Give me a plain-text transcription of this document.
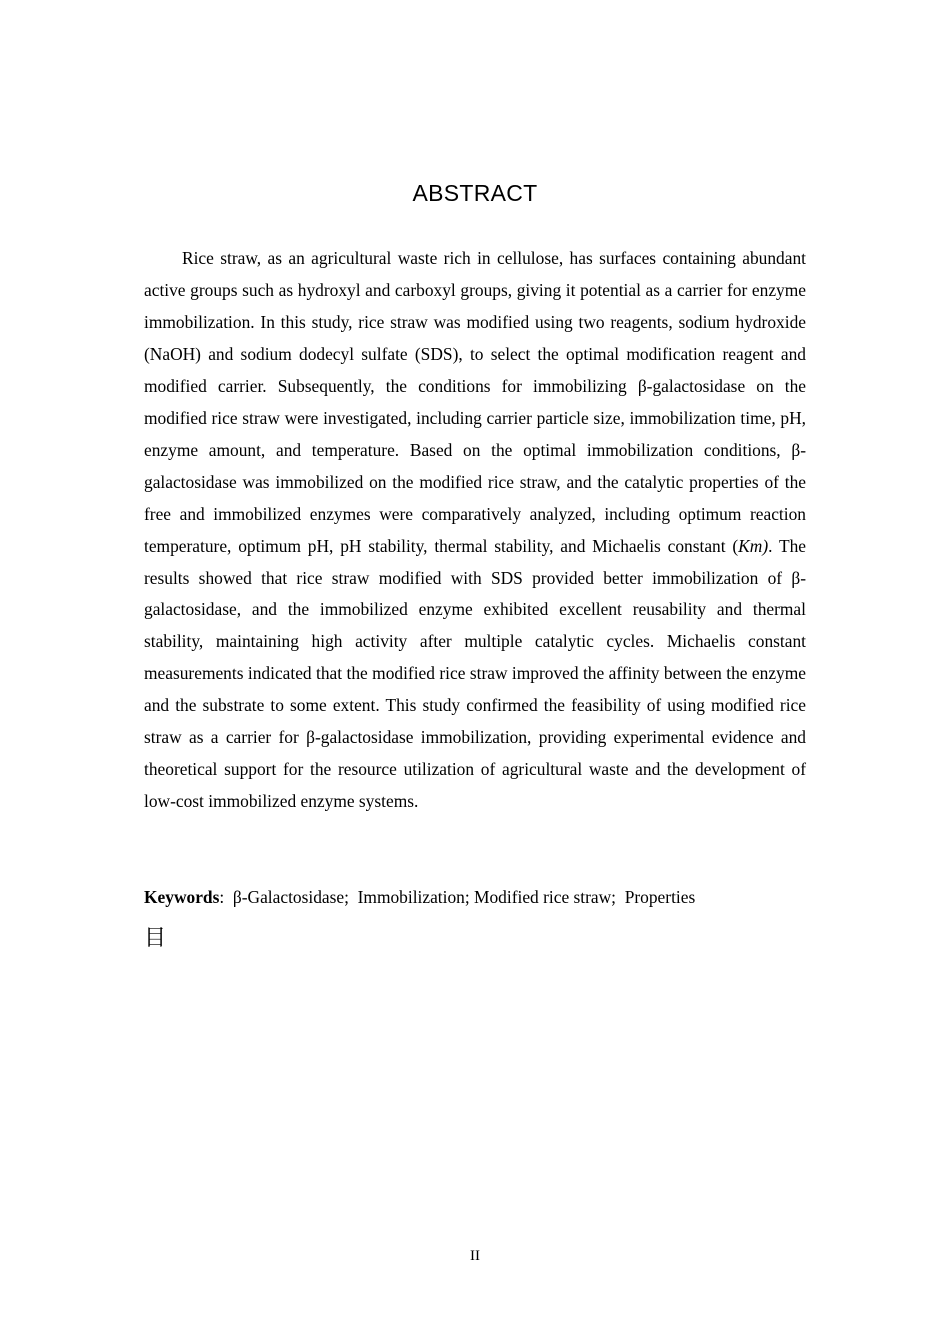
ABSTRACT

Rice straw, as an agricultural waste rich in cellulose, has surfaces containing abundant active groups such as hydroxyl and carboxyl groups, giving it potential as a carrier for enzyme immobilization. In this study, rice straw was modified using two reagents, sodium hydroxide (NaOH) and sodium dodecyl sulfate (SDS), to select the optimal modification reagent and modified carrier. Subsequently, the conditions for immobilizing β-galactosidase on the modified rice straw were investigated, including carrier particle size, immobilization time, pH, enzyme amount, and temperature. Based on the optimal immobilization conditions, β-galactosidase was immobilized on the modified rice straw, and the catalytic properties of the free and immobilized enzymes were comparatively analyzed, including optimum reaction temperature, optimum pH, pH stability, thermal stability, and Michaelis constant (Km). The results showed that rice straw modified with SDS provided better immobilization of β-galactosidase, and the immobilized enzyme exhibited excellent reusability and thermal stability, maintaining high activity after multiple catalytic cycles. Michaelis constant measurements indicated that the modified rice straw improved the affinity between the enzyme and the substrate to some extent. This study confirmed the feasibility of using modified rice straw as a carrier for β-galactosidase immobilization, providing experimental evidence and theoretical support for the resource utilization of agricultural waste and the development of low-cost immobilized enzyme systems.

Keywords:  β-Galactosidase;  Immobilization; Modified rice straw;  Properties

目
II
